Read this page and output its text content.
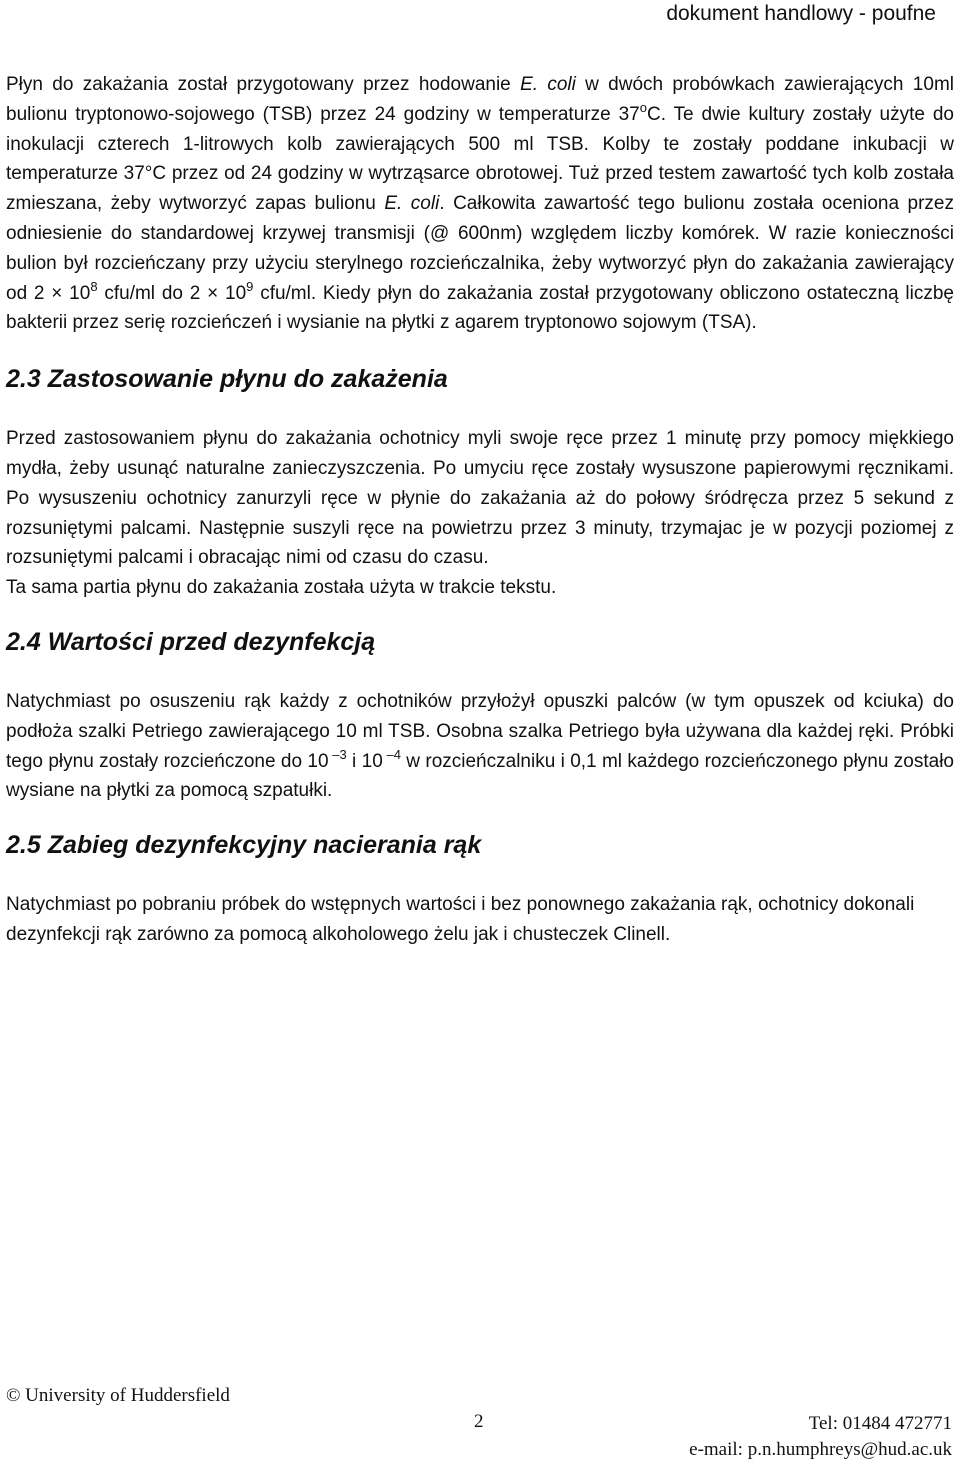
dokument handlowy - poufne

Płyn do zakażania został przygotowany przez hodowanie E. coli w dwóch probówkach zawierających 10ml bulionu tryptonowo-sojowego (TSB) przez 24 godziny w temperaturze 37$^o$C. Te dwie kultury zostały użyte do inokulacji czterech 1-litrowych kolb zawierających 500 ml TSB. Kolby te zostały poddane inkubacji w temperaturze 37°C przez od 24 godziny w wytrząsarce obrotowej. Tuż przed testem zawartość tych kolb została zmieszana, żeby wytworzyć zapas bulionu E. coli. Całkowita zawartość tego bulionu została oceniona przez odniesienie do standardowej krzywej transmisji (@ 600nm) względem liczby komórek. W razie konieczności bulion był rozcieńczany przy użyciu sterylnego rozcieńczalnika, żeby wytworzyć płyn do zakażania zawierający od $2 \times 10^8$ cfu/ml do $2 \times 10^9$ cfu/ml. Kiedy płyn do zakażania został przygotowany obliczono ostateczną liczbę bakterii przez serię rozcieńczeń i wysianie na płytki z agarem tryptonowo sojowym (TSA).

2.3 Zastosowanie płynu do zakażenia

Przed zastosowaniem płynu do zakażania ochotnicy myli swoje ręce przez 1 minutę przy pomocy miękkiego mydła, żeby usunąć naturalne zanieczyszczenia. Po umyciu ręce zostały wysuszone papierowymi ręcznikami. Po wysuszeniu ochotnicy zanurzyli ręce w płynie do zakażania aż do połowy śródręcza przez 5 sekund z rozsuniętymi palcami. Następnie suszyli ręce na powietrzu przez 3 minuty, trzymajac je w pozycji poziomej z rozsuniętymi palcami i obracając nimi od czasu do czasu.
Ta sama partia płynu do zakażania została użyta w trakcie tekstu.

2.4 Wartości przed dezynfekcją

Natychmiast po osuszeniu rąk każdy z ochotników przyłożył opuszki palców (w tym opuszek od kciuka) do podłoża szalki Petriego zawierającego 10 ml TSB. Osobna szalka Petriego była używana dla każdej ręki. Próbki tego płynu zostały rozcieńczone do 10 $^{-3}$ i 10 $^{-4}$ w rozcieńczalniku i 0,1 ml każdego rozcieńczonego płynu zostało wysiane na płytki za pomocą szpatułki.

2.5 Zabieg dezynfekcyjny nacierania rąk

Natychmiast po pobraniu próbek do wstępnych wartości i bez ponownego zakażania rąk, ochotnicy dokonali dezynfekcji rąk zarówno za pomocą alkoholowego żelu jak i chusteczek Clinell.

© University of Huddersfield
2	Tel: 01484 472771
e-mail: p.n.humphreys@hud.ac.uk
